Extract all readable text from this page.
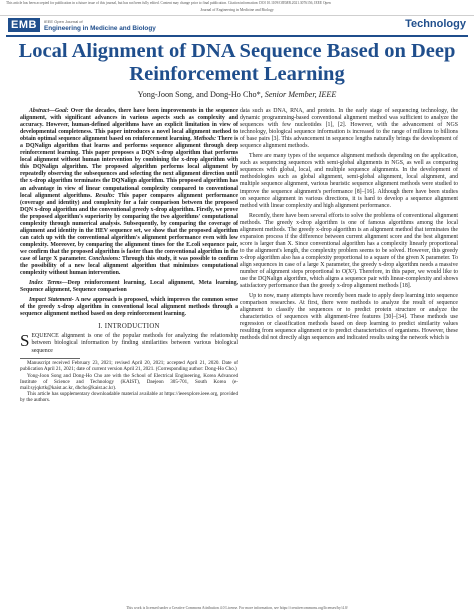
This article has been accepted for publication in a future issue of this journal, but has not been fully edited. Content may change prior to final publication. Citation information: DOI 10.1109/OJEMB.2021.3076156, IEEE Open
Journal of Engineering in Medicine and Biology
EMB	IEEE Open Journal of
Engineering in Medicine and Biology	Technology
Local Alignment of DNA Sequence Based on Deep Reinforcement Learning
Yong-Joon Song, and Dong-Ho Cho*, Senior Member, IEEE

Abstract—Goal: Over the decades, there have been improvements in the sequence alignment, with significant advances in various aspects such as complexity and accuracy. However, human-defined algorithms have an explicit limitation in view of developmental completeness. This paper introduces a novel local alignment method to obtain optimal sequence alignment based on reinforcement learning. Methods: There is a DQNalign algorithm that learns and performs sequence alignment through deep reinforcement learning. This paper proposes a DQN x-drop algorithm that performs local alignment without human intervention by combining the x-drop algorithm with this DQNalign algorithm. The proposed algorithm performs local alignment by repeatedly observing the subsequences and selecting the next alignment direction until the x-drop algorithm terminates the DQNalign algorithm. This proposed algorithm has an advantage in view of linear computational complexity compared to conventional local alignment algorithms. Results: This paper compares alignment performance (coverage and identity) and complexity for a fair comparison between the proposed DQN x-drop algorithm and the conventional greedy x-drop algorithm. Firstly, we prove the proposed algorithm's superiority by comparing the two algorithms' computational complexity through numerical analysis. Subsequently, by comparing the coverage of alignment and identity in the HEV sequence set, we show that the proposed algorithm can catch up with the conventional algorithm's alignment performance even with low complexity. Moreover, by comparing the alignment times for the E.coli sequence pair, we confirm that the proposed algorithm is faster than the conventional algorithm in the case of large X parameter. Conclusions: Through this study, it was possible to confirm the possibility of a new local alignment algorithm that minimizes computational complexity without human intervention.

Index Terms—Deep reinforcement learning, Local alignment, Meta learning, Sequence alignment, Sequence comparison

Impact Statement- A new approach is proposed, which improves the common sense of the greedy x-drop algorithm in conventional local alignment methods through a sequence alignment method based on deep reinforcement learning.

I. INTRODUCTION

SEQUENCE alignment is one of the popular methods for analyzing the relationship between biological information by finding similarities between various biological sequence

Manuscript received February 23, 2021; revised April 20, 2021; accepted April 21, 2020. Date of publication April 21, 2021; date of current version April 21, 2021. (Corresponding author: Dong-Ho Cho.)

Yong-Joon Song and Dong-Ho Cho are with the School of Electrical Engineering, Korea Advanced Institute of Science and Technology (KAIST), Daejeon 305-701, South Korea (e-mail:syjqkrtk@kaist.ac.kr, dhcho@kaist.ac.kr).

This article has supplementary downloadable material available at https://ieeexplore.ieee.org, provided by the authors.

data such as DNA, RNA, and protein. In the early stage of sequencing technology, the dynamic programming-based conventional alignment method was sufficient to analyze the sequences with few nucleotides [1], [2]. However, with the advancement of NGS technology, biological sequence information is increased to the range of millions to billions of base pairs [3]. This advancement in sequence lengths naturally brings the development of sequence alignment methods.

There are many types of the sequence alignment methods depending on the application, such as sequencing sequences with semi-global alignments in NGS, as well as comparing sequences with global, local, and multiple sequence alignments. In the development of methodologies such as global alignment, semi-global alignment, local alignment, and multiple sequence alignment, various heuristic sequence alignment methods were studied to improve the sequence alignment's performance [8]–[16]. Although there have been studies on sequence alignment in various directions, it is hard to develop a sequence alignment method with linear complexity and high alignment performance.

Recently, there have been several efforts to solve the problems of conventional alignment methods. The greedy x-drop algorithm is one of famous algorithms among the local alignment methods. The greedy x-drop algorithm is an alignment method that terminates the expansion process if the difference between current alignment score and the best alignment score is larger than X. Since conventional algorithm has a complexity linearly proportional to the alignment's length, the complexity problem seems to be solved. However, this greedy x-drop algorithm also has a complexity proportional to a square of the given X parameter. To align sequences in case of a large X parameter, the greedy x-drop algorithm needs a massive number of alignment steps proportional to O(X²). Therefore, in this paper, we would like to use the DQNalign algorithm, which aligns a sequence pair with linear-complexity and shows satisfactory performance than the greedy x-drop alignment methods [18].

Up to now, many attempts have recently been made to apply deep learning into sequence comparison researches. At first, there were methods to analyze the result of sequence alignment to classify the sequences or to predict protein structure or analyze the characteristics of sequences with alignment-free features [30]–[34]. These methods use regression or classification methods based on deep learning to predict similarity values resulting from sequence alignment or to predict characteristics of organisms. However, these methods did not directly align sequences and indicated results using the network which is

This work is licensed under a Creative Commons Attribution 4.0 License. For more information, see https://creativecommons.org/licenses/by/4.0/
